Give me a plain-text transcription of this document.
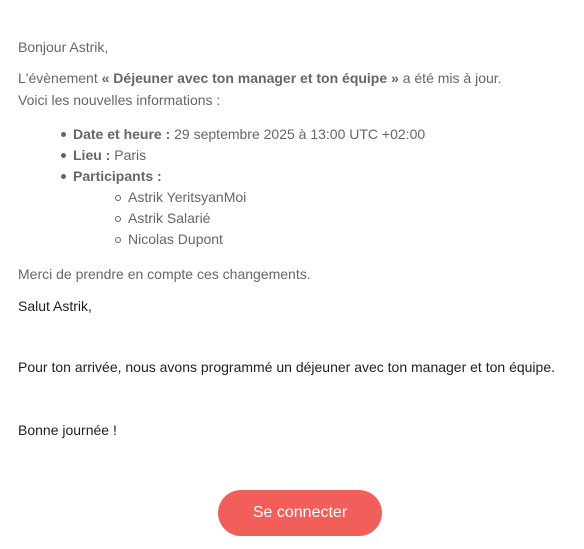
Bonjour Astrik,

L'évènement « Déjeuner avec ton manager et ton équipe » a été mis à jour.

Voici les nouvelles informations :

Date et heure : 29 septembre 2025 à 13:00 UTC +02:00
Lieu : Paris
Participants :
Astrik YeritsyanMoi
Astrik Salarié
Nicolas Dupont

Merci de prendre en compte ces changements.

Salut Astrik,

Pour ton arrivée, nous avons programmé un déjeuner avec ton manager et ton équipe.

Bonne journée !

Se connecter
